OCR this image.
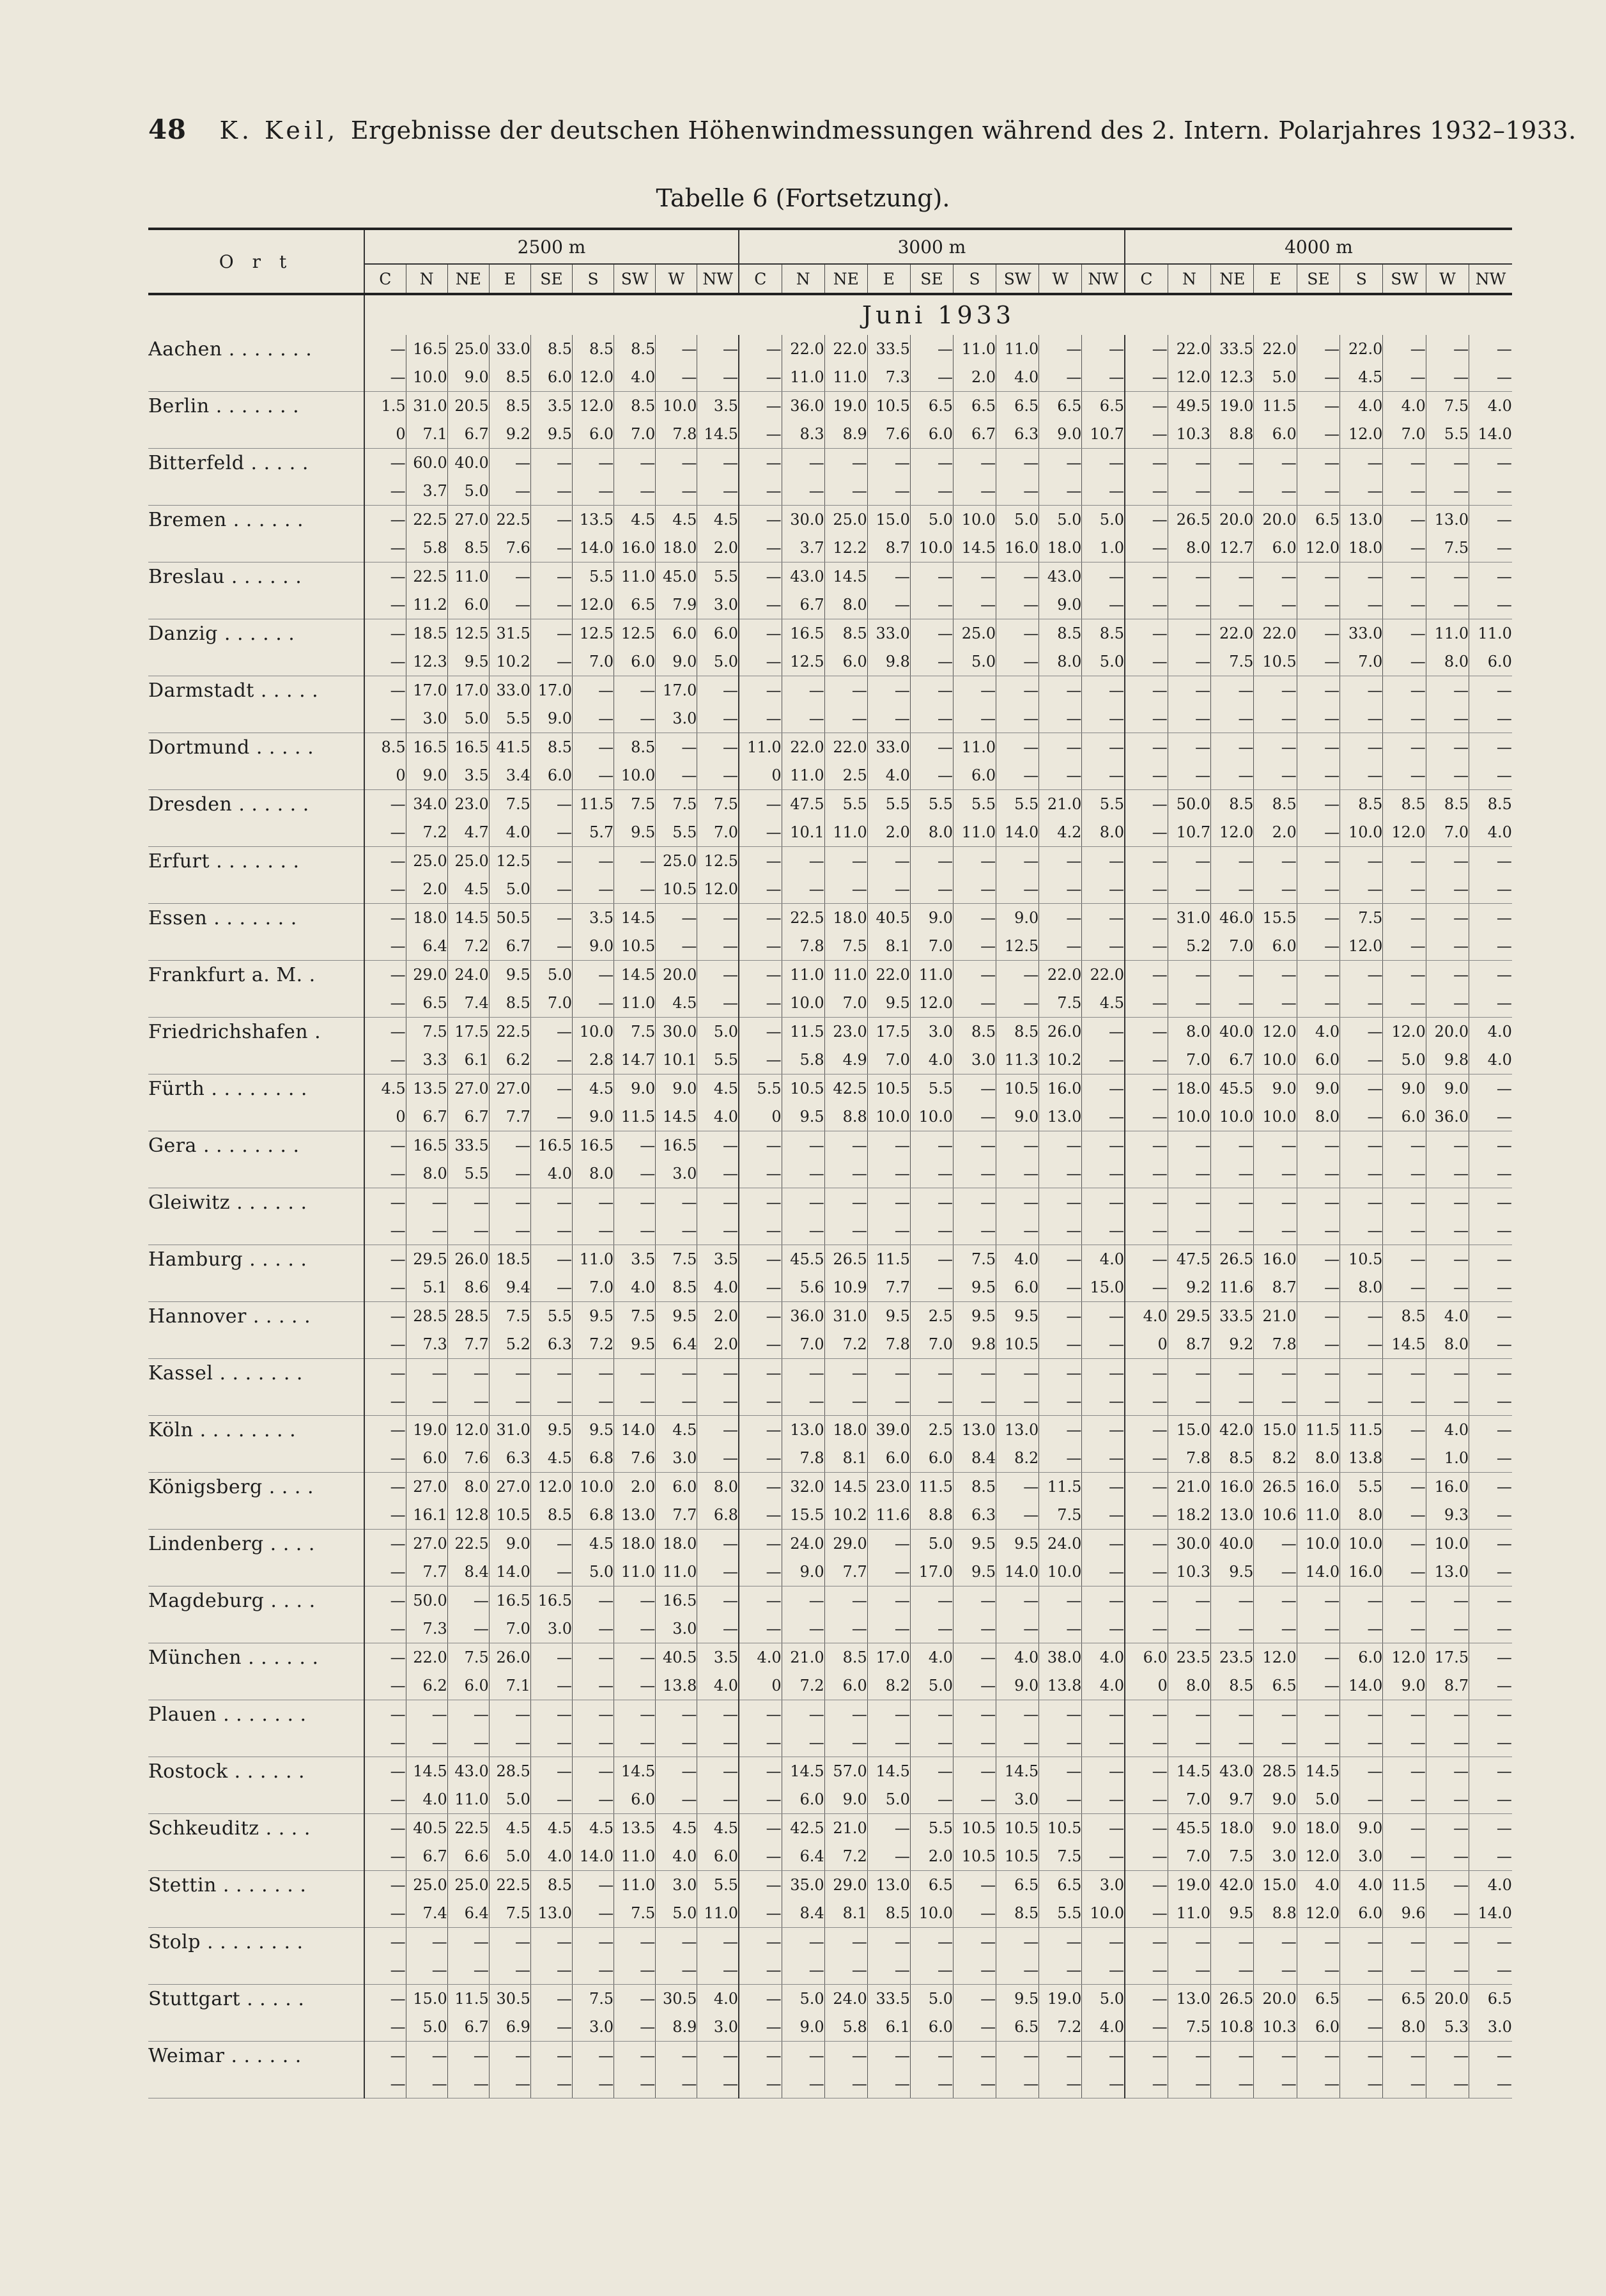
48 K. Keil, Ergebnisse der deutschen Höhenwindmessungen während des 2. Intern. Polarjahres 1932–1933.
Tabelle 6 (Fortsetzung).
O r t	2500 m									3000 m									4000 m								
	C	N	NE	E	SE	S	SW	W	NW	C	N	NE	E	SE	S	SW	W	NW	C	N	NE	E	SE	S	SW	W	NW
	Juni 1933																										
Aachen . . . . . . .	—	16.5	25.0	33.0	8.5	8.5	8.5	—	—	—	22.0	22.0	33.5	—	11.0	11.0	—	—	—	22.0	33.5	22.0	—	22.0	—	—	—
	—	10.0	9.0	8.5	6.0	12.0	4.0	—	—	—	11.0	11.0	7.3	—	2.0	4.0	—	—	—	12.0	12.3	5.0	—	4.5	—	—	—
Berlin . . . . . . .	1.5	31.0	20.5	8.5	3.5	12.0	8.5	10.0	3.5	—	36.0	19.0	10.5	6.5	6.5	6.5	6.5	6.5	—	49.5	19.0	11.5	—	4.0	4.0	7.5	4.0
	0	7.1	6.7	9.2	9.5	6.0	7.0	7.8	14.5	—	8.3	8.9	7.6	6.0	6.7	6.3	9.0	10.7	—	10.3	8.8	6.0	—	12.0	7.0	5.5	14.0
Bitterfeld . . . . .	—	60.0	40.0	—	—	—	—	—	—	—	—	—	—	—	—	—	—	—	—	—	—	—	—	—	—	—	—
	—	3.7	5.0	—	—	—	—	—	—	—	—	—	—	—	—	—	—	—	—	—	—	—	—	—	—	—	—
Bremen . . . . . .	—	22.5	27.0	22.5	—	13.5	4.5	4.5	4.5	—	30.0	25.0	15.0	5.0	10.0	5.0	5.0	5.0	—	26.5	20.0	20.0	6.5	13.0	—	13.0	—
	—	5.8	8.5	7.6	—	14.0	16.0	18.0	2.0	—	3.7	12.2	8.7	10.0	14.5	16.0	18.0	1.0	—	8.0	12.7	6.0	12.0	18.0	—	7.5	—
Breslau . . . . . .	—	22.5	11.0	—	—	5.5	11.0	45.0	5.5	—	43.0	14.5	—	—	—	—	43.0	—	—	—	—	—	—	—	—	—	—
	—	11.2	6.0	—	—	12.0	6.5	7.9	3.0	—	6.7	8.0	—	—	—	—	9.0	—	—	—	—	—	—	—	—	—	—
Danzig . . . . . .	—	18.5	12.5	31.5	—	12.5	12.5	6.0	6.0	—	16.5	8.5	33.0	—	25.0	—	8.5	8.5	—	—	22.0	22.0	—	33.0	—	11.0	11.0
	—	12.3	9.5	10.2	—	7.0	6.0	9.0	5.0	—	12.5	6.0	9.8	—	5.0	—	8.0	5.0	—	—	7.5	10.5	—	7.0	—	8.0	6.0
Darmstadt . . . . .	—	17.0	17.0	33.0	17.0	—	—	17.0	—	—	—	—	—	—	—	—	—	—	—	—	—	—	—	—	—	—	—
	—	3.0	5.0	5.5	9.0	—	—	3.0	—	—	—	—	—	—	—	—	—	—	—	—	—	—	—	—	—	—	—
Dortmund . . . . .	8.5	16.5	16.5	41.5	8.5	—	8.5	—	—	11.0	22.0	22.0	33.0	—	11.0	—	—	—	—	—	—	—	—	—	—	—	—
	0	9.0	3.5	3.4	6.0	—	10.0	—	—	0	11.0	2.5	4.0	—	6.0	—	—	—	—	—	—	—	—	—	—	—	—
Dresden . . . . . .	—	34.0	23.0	7.5	—	11.5	7.5	7.5	7.5	—	47.5	5.5	5.5	5.5	5.5	5.5	21.0	5.5	—	50.0	8.5	8.5	—	8.5	8.5	8.5	8.5
	—	7.2	4.7	4.0	—	5.7	9.5	5.5	7.0	—	10.1	11.0	2.0	8.0	11.0	14.0	4.2	8.0	—	10.7	12.0	2.0	—	10.0	12.0	7.0	4.0
Erfurt . . . . . . .	—	25.0	25.0	12.5	—	—	—	25.0	12.5	—	—	—	—	—	—	—	—	—	—	—	—	—	—	—	—	—	—
	—	2.0	4.5	5.0	—	—	—	10.5	12.0	—	—	—	—	—	—	—	—	—	—	—	—	—	—	—	—	—	—
Essen . . . . . . .	—	18.0	14.5	50.5	—	3.5	14.5	—	—	—	22.5	18.0	40.5	9.0	—	9.0	—	—	—	31.0	46.0	15.5	—	7.5	—	—	—
	—	6.4	7.2	6.7	—	9.0	10.5	—	—	—	7.8	7.5	8.1	7.0	—	12.5	—	—	—	5.2	7.0	6.0	—	12.0	—	—	—
Frankfurt a. M. .	—	29.0	24.0	9.5	5.0	—	14.5	20.0	—	—	11.0	11.0	22.0	11.0	—	—	22.0	22.0	—	—	—	—	—	—	—	—	—
	—	6.5	7.4	8.5	7.0	—	11.0	4.5	—	—	10.0	7.0	9.5	12.0	—	—	7.5	4.5	—	—	—	—	—	—	—	—	—
Friedrichshafen .	—	7.5	17.5	22.5	—	10.0	7.5	30.0	5.0	—	11.5	23.0	17.5	3.0	8.5	8.5	26.0	—	—	8.0	40.0	12.0	4.0	—	12.0	20.0	4.0
	—	3.3	6.1	6.2	—	2.8	14.7	10.1	5.5	—	5.8	4.9	7.0	4.0	3.0	11.3	10.2	—	—	7.0	6.7	10.0	6.0	—	5.0	9.8	4.0
Fürth . . . . . . . .	4.5	13.5	27.0	27.0	—	4.5	9.0	9.0	4.5	5.5	10.5	42.5	10.5	5.5	—	10.5	16.0	—	—	18.0	45.5	9.0	9.0	—	9.0	9.0	—
	0	6.7	6.7	7.7	—	9.0	11.5	14.5	4.0	0	9.5	8.8	10.0	10.0	—	9.0	13.0	—	—	10.0	10.0	10.0	8.0	—	6.0	36.0	—
Gera . . . . . . . .	—	16.5	33.5	—	16.5	16.5	—	16.5	—	—	—	—	—	—	—	—	—	—	—	—	—	—	—	—	—	—	—
	—	8.0	5.5	—	4.0	8.0	—	3.0	—	—	—	—	—	—	—	—	—	—	—	—	—	—	—	—	—	—	—
Gleiwitz . . . . . .	—	—	—	—	—	—	—	—	—	—	—	—	—	—	—	—	—	—	—	—	—	—	—	—	—	—	—
	—	—	—	—	—	—	—	—	—	—	—	—	—	—	—	—	—	—	—	—	—	—	—	—	—	—	—
Hamburg . . . . .	—	29.5	26.0	18.5	—	11.0	3.5	7.5	3.5	—	45.5	26.5	11.5	—	7.5	4.0	—	4.0	—	47.5	26.5	16.0	—	10.5	—	—	—
	—	5.1	8.6	9.4	—	7.0	4.0	8.5	4.0	—	5.6	10.9	7.7	—	9.5	6.0	—	15.0	—	9.2	11.6	8.7	—	8.0	—	—	—
Hannover . . . . .	—	28.5	28.5	7.5	5.5	9.5	7.5	9.5	2.0	—	36.0	31.0	9.5	2.5	9.5	9.5	—	—	4.0	29.5	33.5	21.0	—	—	8.5	4.0	—
	—	7.3	7.7	5.2	6.3	7.2	9.5	6.4	2.0	—	7.0	7.2	7.8	7.0	9.8	10.5	—	—	0	8.7	9.2	7.8	—	—	14.5	8.0	—
Kassel . . . . . . .	—	—	—	—	—	—	—	—	—	—	—	—	—	—	—	—	—	—	—	—	—	—	—	—	—	—	—
	—	—	—	—	—	—	—	—	—	—	—	—	—	—	—	—	—	—	—	—	—	—	—	—	—	—	—
Köln . . . . . . . .	—	19.0	12.0	31.0	9.5	9.5	14.0	4.5	—	—	13.0	18.0	39.0	2.5	13.0	13.0	—	—	—	15.0	42.0	15.0	11.5	11.5	—	4.0	—
	—	6.0	7.6	6.3	4.5	6.8	7.6	3.0	—	—	7.8	8.1	6.0	6.0	8.4	8.2	—	—	—	7.8	8.5	8.2	8.0	13.8	—	1.0	—
Königsberg . . . .	—	27.0	8.0	27.0	12.0	10.0	2.0	6.0	8.0	—	32.0	14.5	23.0	11.5	8.5	—	11.5	—	—	21.0	16.0	26.5	16.0	5.5	—	16.0	—
	—	16.1	12.8	10.5	8.5	6.8	13.0	7.7	6.8	—	15.5	10.2	11.6	8.8	6.3	—	7.5	—	—	18.2	13.0	10.6	11.0	8.0	—	9.3	—
Lindenberg . . . .	—	27.0	22.5	9.0	—	4.5	18.0	18.0	—	—	24.0	29.0	—	5.0	9.5	9.5	24.0	—	—	30.0	40.0	—	10.0	10.0	—	10.0	—
	—	7.7	8.4	14.0	—	5.0	11.0	11.0	—	—	9.0	7.7	—	17.0	9.5	14.0	10.0	—	—	10.3	9.5	—	14.0	16.0	—	13.0	—
Magdeburg . . . .	—	50.0	—	16.5	16.5	—	—	16.5	—	—	—	—	—	—	—	—	—	—	—	—	—	—	—	—	—	—	—
	—	7.3	—	7.0	3.0	—	—	3.0	—	—	—	—	—	—	—	—	—	—	—	—	—	—	—	—	—	—	—
München . . . . . .	—	22.0	7.5	26.0	—	—	—	40.5	3.5	4.0	21.0	8.5	17.0	4.0	—	4.0	38.0	4.0	6.0	23.5	23.5	12.0	—	6.0	12.0	17.5	—
	—	6.2	6.0	7.1	—	—	—	13.8	4.0	0	7.2	6.0	8.2	5.0	—	9.0	13.8	4.0	0	8.0	8.5	6.5	—	14.0	9.0	8.7	—
Plauen . . . . . . .	—	—	—	—	—	—	—	—	—	—	—	—	—	—	—	—	—	—	—	—	—	—	—	—	—	—	—
	—	—	—	—	—	—	—	—	—	—	—	—	—	—	—	—	—	—	—	—	—	—	—	—	—	—	—
Rostock . . . . . .	—	14.5	43.0	28.5	—	—	14.5	—	—	—	14.5	57.0	14.5	—	—	14.5	—	—	—	14.5	43.0	28.5	14.5	—	—	—	—
	—	4.0	11.0	5.0	—	—	6.0	—	—	—	6.0	9.0	5.0	—	—	3.0	—	—	—	7.0	9.7	9.0	5.0	—	—	—	—
Schkeuditz . . . .	—	40.5	22.5	4.5	4.5	4.5	13.5	4.5	4.5	—	42.5	21.0	—	5.5	10.5	10.5	10.5	—	—	45.5	18.0	9.0	18.0	9.0	—	—	—
	—	6.7	6.6	5.0	4.0	14.0	11.0	4.0	6.0	—	6.4	7.2	—	2.0	10.5	10.5	7.5	—	—	7.0	7.5	3.0	12.0	3.0	—	—	—
Stettin . . . . . . .	—	25.0	25.0	22.5	8.5	—	11.0	3.0	5.5	—	35.0	29.0	13.0	6.5	—	6.5	6.5	3.0	—	19.0	42.0	15.0	4.0	4.0	11.5	—	4.0
	—	7.4	6.4	7.5	13.0	—	7.5	5.0	11.0	—	8.4	8.1	8.5	10.0	—	8.5	5.5	10.0	—	11.0	9.5	8.8	12.0	6.0	9.6	—	14.0
Stolp . . . . . . . .	—	—	—	—	—	—	—	—	—	—	—	—	—	—	—	—	—	—	—	—	—	—	—	—	—	—	—
	—	—	—	—	—	—	—	—	—	—	—	—	—	—	—	—	—	—	—	—	—	—	—	—	—	—	—
Stuttgart . . . . .	—	15.0	11.5	30.5	—	7.5	—	30.5	4.0	—	5.0	24.0	33.5	5.0	—	9.5	19.0	5.0	—	13.0	26.5	20.0	6.5	—	6.5	20.0	6.5
	—	5.0	6.7	6.9	—	3.0	—	8.9	3.0	—	9.0	5.8	6.1	6.0	—	6.5	7.2	4.0	—	7.5	10.8	10.3	6.0	—	8.0	5.3	3.0
Weimar . . . . . .	—	—	—	—	—	—	—	—	—	—	—	—	—	—	—	—	—	—	—	—	—	—	—	—	—	—	—
	—	—	—	—	—	—	—	—	—	—	—	—	—	—	—	—	—	—	—	—	—	—	—	—	—	—	—
